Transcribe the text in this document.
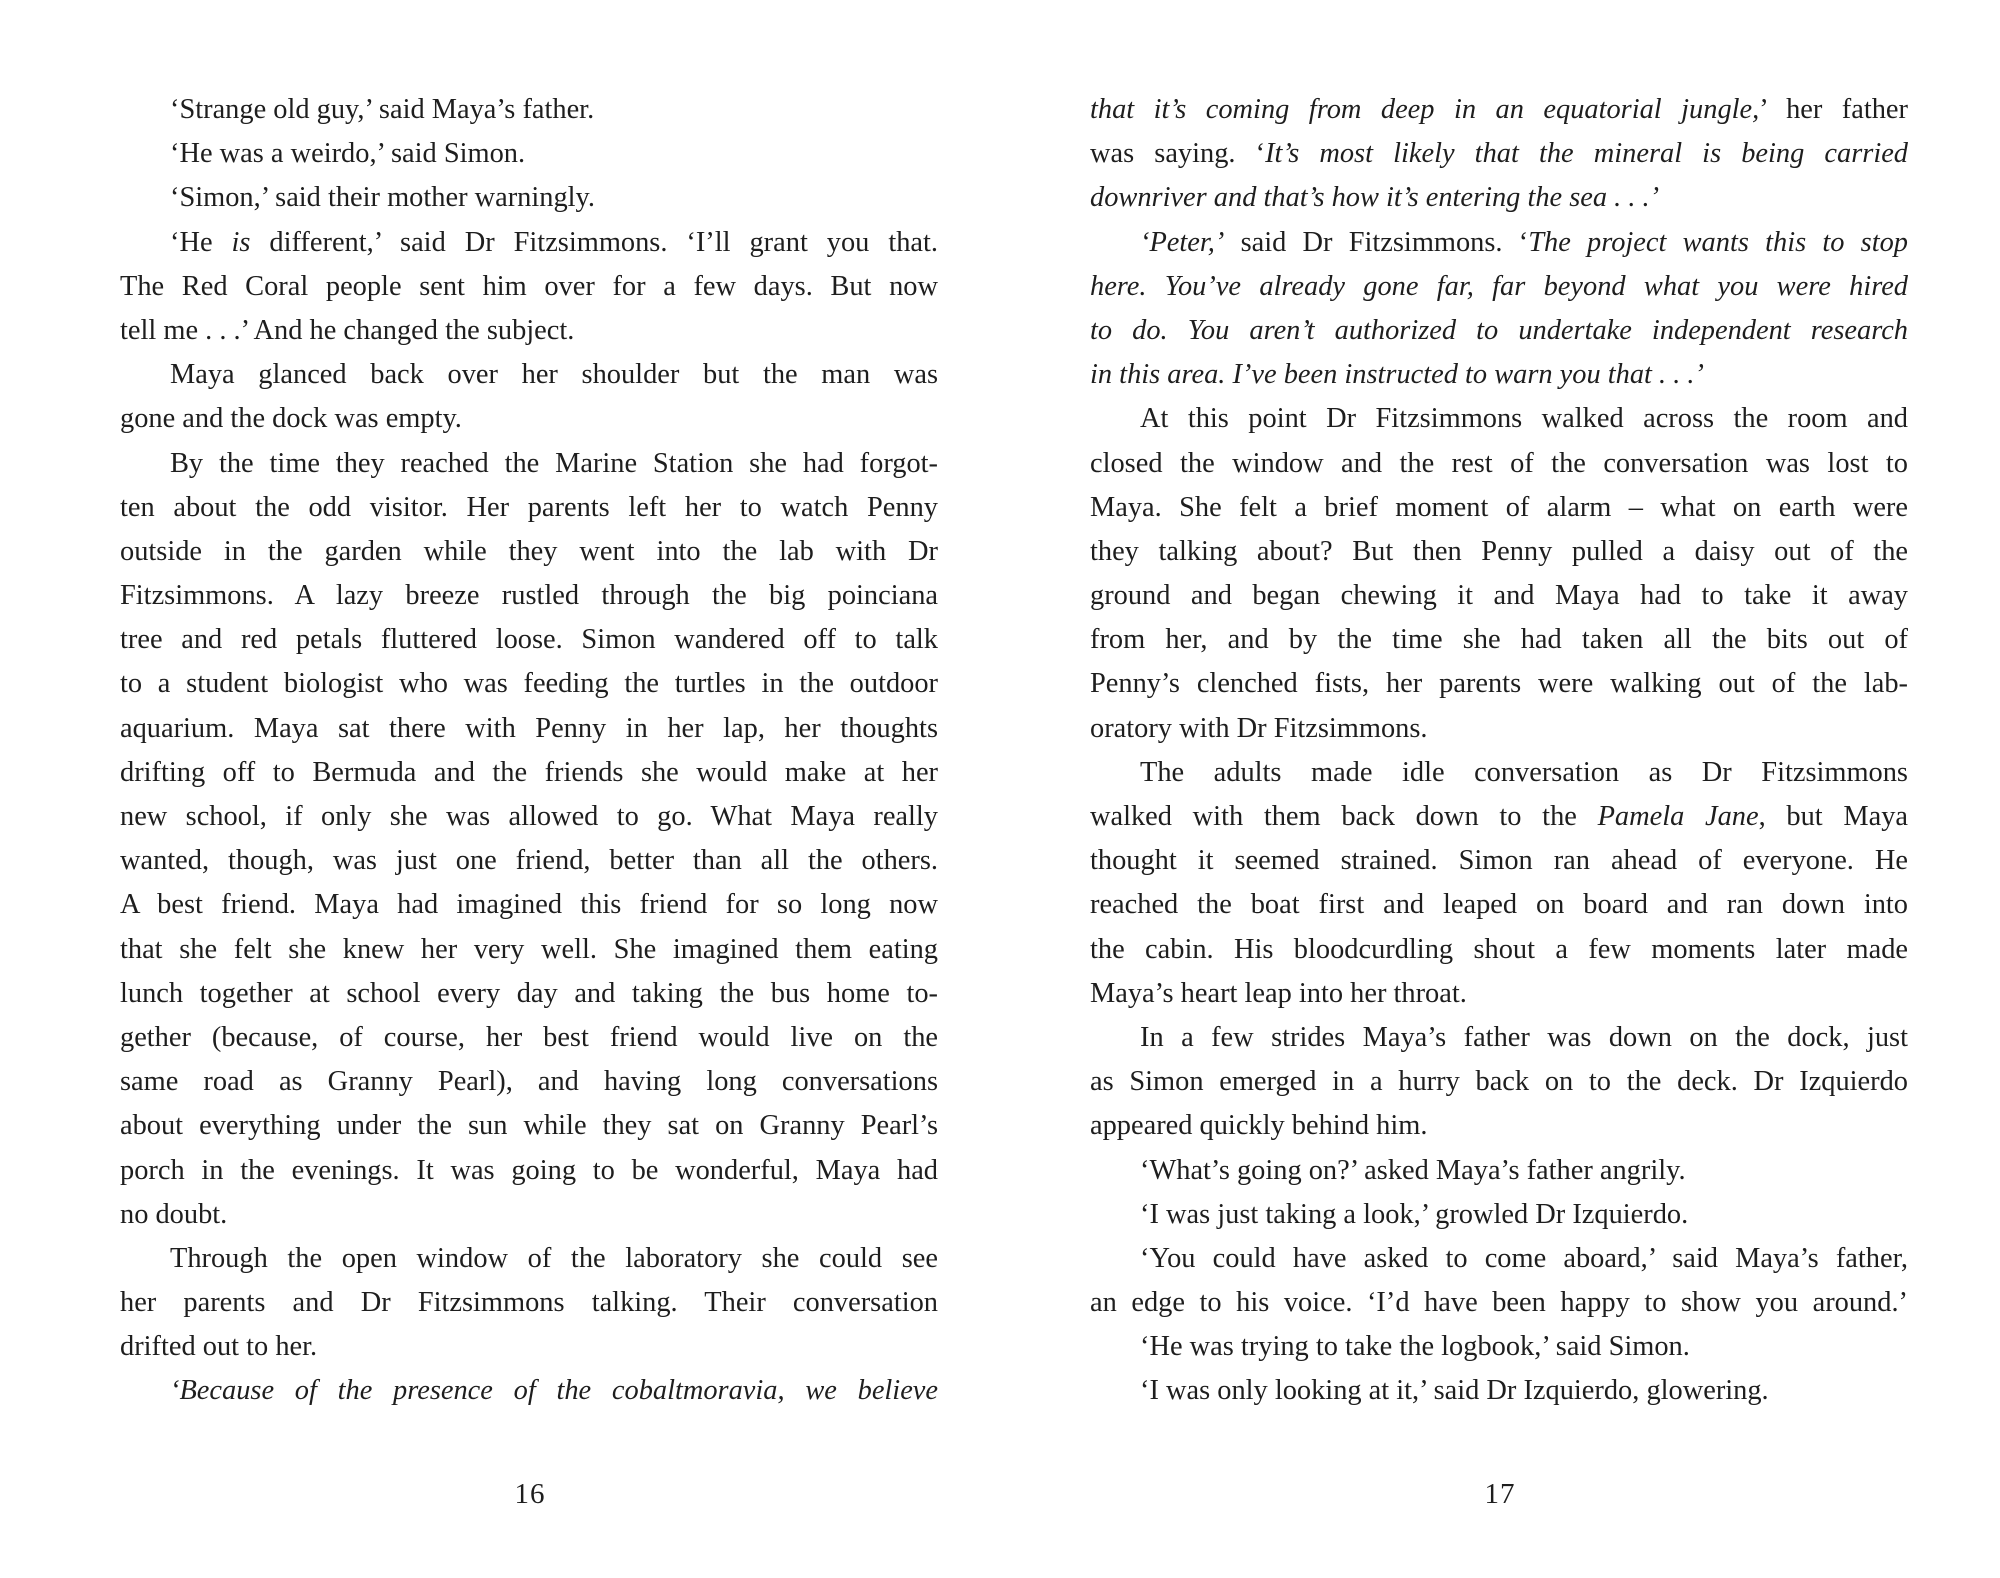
‘Strange old guy,’ said Maya’s father.
‘He was a weirdo,’ said Simon.
‘Simon,’ said their mother warningly.
‘He is different,’ said Dr Fitzsimmons. ‘I’ll grant you that.
The Red Coral people sent him over for a few days. But now
tell me . . .’ And he changed the subject.
Maya glanced back over her shoulder but the man was
gone and the dock was empty.
By the time they reached the Marine Station she had forgot-
ten about the odd visitor. Her parents left her to watch Penny
outside in the garden while they went into the lab with Dr
Fitzsimmons. A lazy breeze rustled through the big poinciana
tree and red petals fluttered loose. Simon wandered off to talk
to a student biologist who was feeding the turtles in the outdoor
aquarium. Maya sat there with Penny in her lap, her thoughts
drifting off to Bermuda and the friends she would make at her
new school, if only she was allowed to go. What Maya really
wanted, though, was just one friend, better than all the others.
A best friend. Maya had imagined this friend for so long now
that she felt she knew her very well. She imagined them eating
lunch together at school every day and taking the bus home to-
gether (because, of course, her best friend would live on the
same road as Granny Pearl), and having long conversations
about everything under the sun while they sat on Granny Pearl’s
porch in the evenings. It was going to be wonderful, Maya had
no doubt.
Through the open window of the laboratory she could see
her parents and Dr Fitzsimmons talking. Their conversation
drifted out to her.
‘Because of the presence of the cobaltmoravia, we believe
that it’s coming from deep in an equatorial jungle,’ her father
was saying. ‘It’s most likely that the mineral is being carried
downriver and that’s how it’s entering the sea . . .’
‘Peter,’ said Dr Fitzsimmons. ‘The project wants this to stop
here. You’ve already gone far, far beyond what you were hired
to do. You aren’t authorized to undertake independent research
in this area. I’ve been instructed to warn you that . . .’
At this point Dr Fitzsimmons walked across the room and
closed the window and the rest of the conversation was lost to
Maya. She felt a brief moment of alarm – what on earth were
they talking about? But then Penny pulled a daisy out of the
ground and began chewing it and Maya had to take it away
from her, and by the time she had taken all the bits out of
Penny’s clenched fists, her parents were walking out of the lab-
oratory with Dr Fitzsimmons.
The adults made idle conversation as Dr Fitzsimmons
walked with them back down to the Pamela Jane, but Maya
thought it seemed strained. Simon ran ahead of everyone. He
reached the boat first and leaped on board and ran down into
the cabin. His bloodcurdling shout a few moments later made
Maya’s heart leap into her throat.
In a few strides Maya’s father was down on the dock, just
as Simon emerged in a hurry back on to the deck. Dr Izquierdo
appeared quickly behind him.
‘What’s going on?’ asked Maya’s father angrily.
‘I was just taking a look,’ growled Dr Izquierdo.
‘You could have asked to come aboard,’ said Maya’s father,
an edge to his voice. ‘I’d have been happy to show you around.’
‘He was trying to take the logbook,’ said Simon.
‘I was only looking at it,’ said Dr Izquierdo, glowering.
16	17
